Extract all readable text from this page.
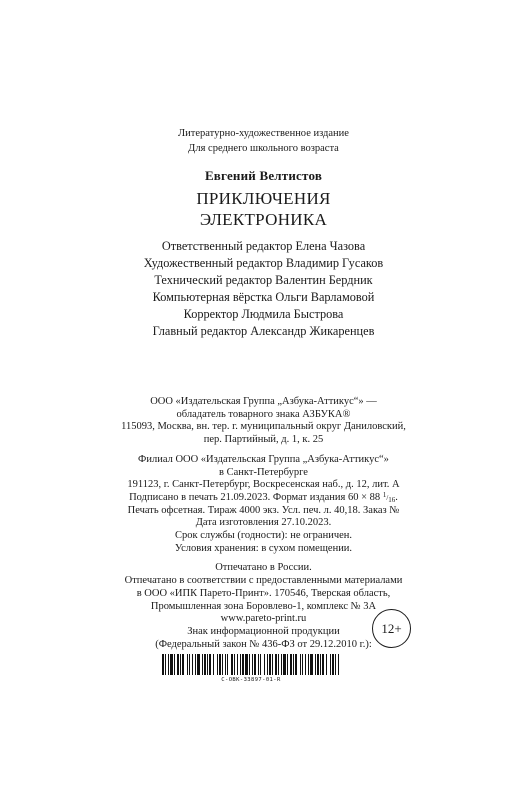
Литературно-художественное издание
Для среднего школьного возраста
Евгений Велтистов
ПРИКЛЮЧЕНИЯ
ЭЛЕКТРОНИКА
Ответственный редактор Елена Чазова
Художественный редактор Владимир Гусаков
Технический редактор Валентин Бердник
Компьютерная вёрстка Ольги Варламовой
Корректор Людмила Быстрова
Главный редактор Александр Жикаренцев
ООО «Издательская Группа „Азбука-Аттикус“» —
обладатель товарного знака АЗБУКА®
115093, Москва, вн. тер. г. муниципальный округ Даниловский,
пер. Партийный, д. 1, к. 25
Филиал ООО «Издательская Группа „Азбука-Аттикус“»
в Санкт-Петербурге
191123, г. Санкт-Петербург, Воскресенская наб., д. 12, лит. А
Подписано в печать 21.09.2023. Формат издания 60 × 88 1/16.
Печать офсетная. Тираж 4000 экз. Усл. печ. л. 40,18. Заказ №
Дата изготовления 27.10.2023.
Срок службы (годности): не ограничен.
Условия хранения: в сухом помещении.
Отпечатано в России.
Отпечатано в соответствии с предоставленными материалами
в ООО «ИПК Парето-Принт». 170546, Тверская область,
Промышленная зона Боровлево-1, комплекс № 3А
www.pareto-print.ru
Знак информационной продукции
(Федеральный закон № 436-ФЗ от 29.12.2010 г.):
12+
С-ОВК-33897-01-R
